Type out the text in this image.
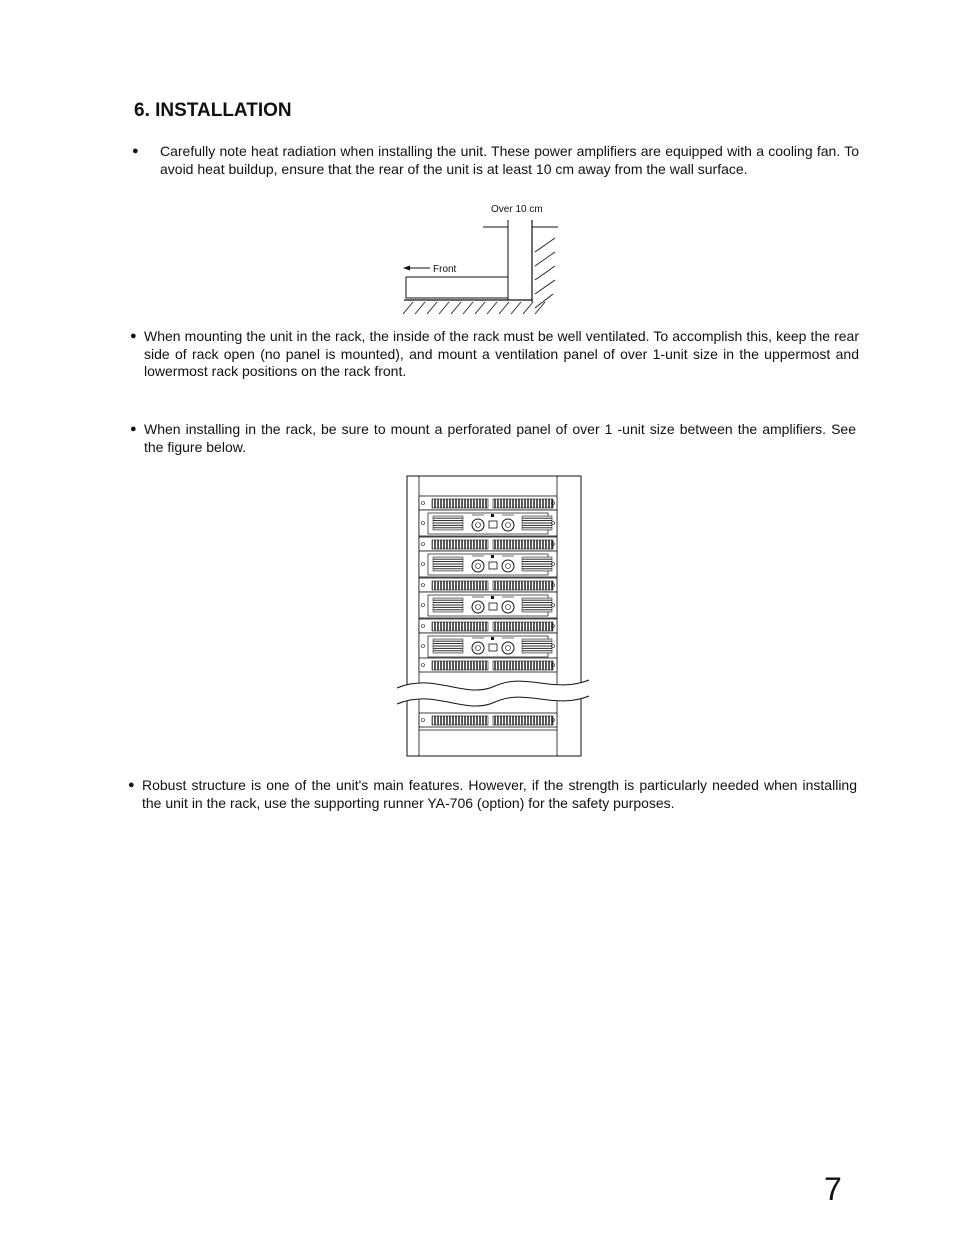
6. INSTALLATION
●	Carefully note heat radiation when installing the unit. These power amplifiers are equipped with a cooling fan. To avoid heat buildup, ensure that the rear of the unit is at least 10 cm away from the wall surface.
Over 10 cm
Front
● When mounting the unit in the rack, the inside of the rack must be well ventilated. To accomplish this, keep the rear side of rack open (no panel is mounted), and mount a ventilation panel of over 1-unit size in the uppermost and lowermost rack positions on the rack front.
● When installing in the rack, be sure to mount a perforated panel of over 1 -unit size between the amplifiers. See the figure below.
● Robust structure is one of the unit's main features. However, if the strength is particularly needed when installing the unit in the rack, use the supporting runner YA-706 (option) for the safety purposes.
7
